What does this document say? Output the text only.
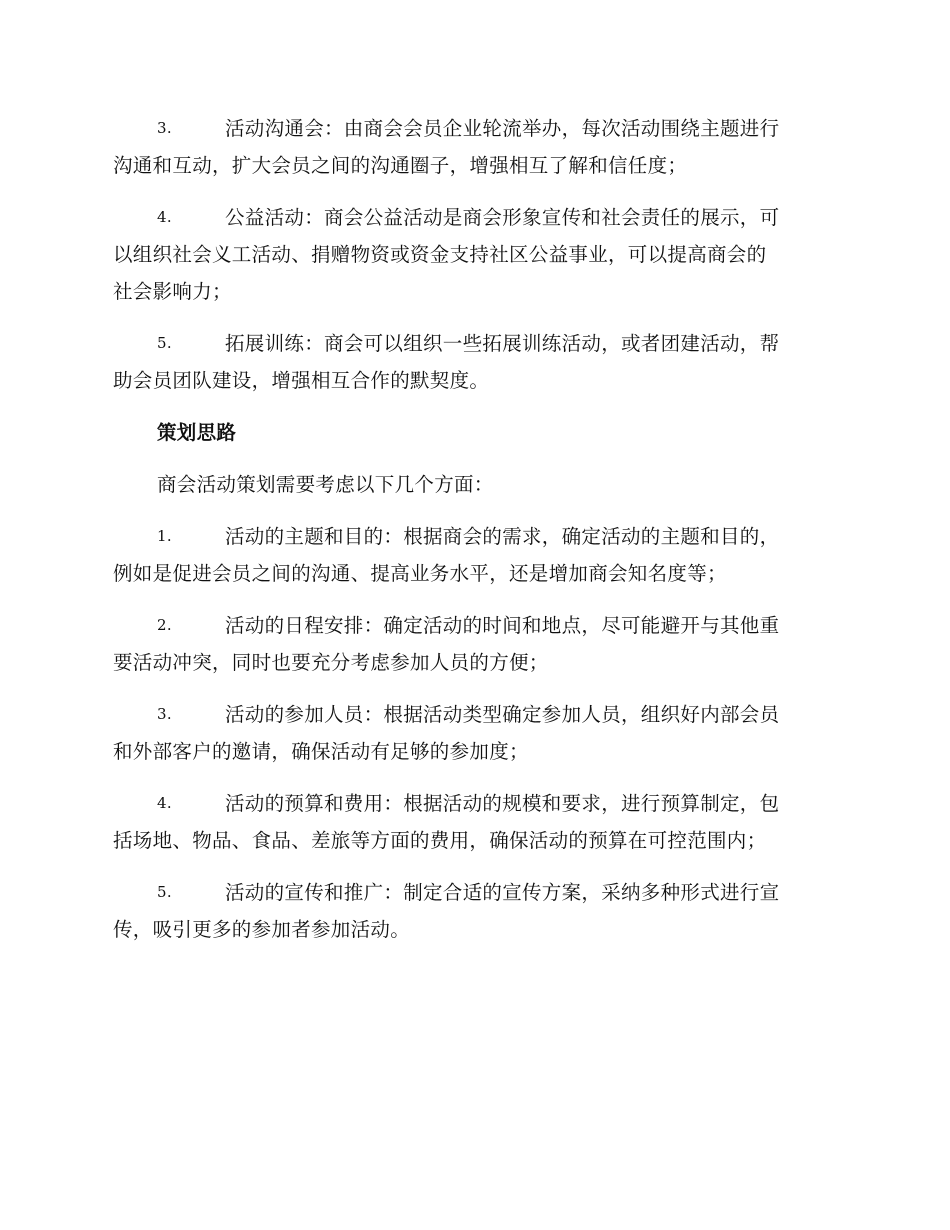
3.	活动沟通会：由商会会员企业轮流举办，每次活动围绕主题进行
沟通和互动，扩大会员之间的沟通圈子，增强相互了解和信任度；
4.	公益活动：商会公益活动是商会形象宣传和社会责任的展示，可
以组织社会义工活动、捐赠物资或资金支持社区公益事业，可以提高商会的
社会影响力；
5.	拓展训练：商会可以组织一些拓展训练活动，或者团建活动，帮
助会员团队建设，增强相互合作的默契度。
策划思路
商会活动策划需要考虑以下几个方面：
1.	活动的主题和目的：根据商会的需求，确定活动的主题和目的，
例如是促进会员之间的沟通、提高业务水平，还是增加商会知名度等；
2.	活动的日程安排：确定活动的时间和地点，尽可能避开与其他重
要活动冲突，同时也要充分考虑参加人员的方便；
3.	活动的参加人员：根据活动类型确定参加人员，组织好内部会员
和外部客户的邀请，确保活动有足够的参加度；
4.	活动的预算和费用：根据活动的规模和要求，进行预算制定，包
括场地、物品、食品、差旅等方面的费用，确保活动的预算在可控范围内；
5.	活动的宣传和推广：制定合适的宣传方案，采纳多种形式进行宣
传，吸引更多的参加者参加活动。
